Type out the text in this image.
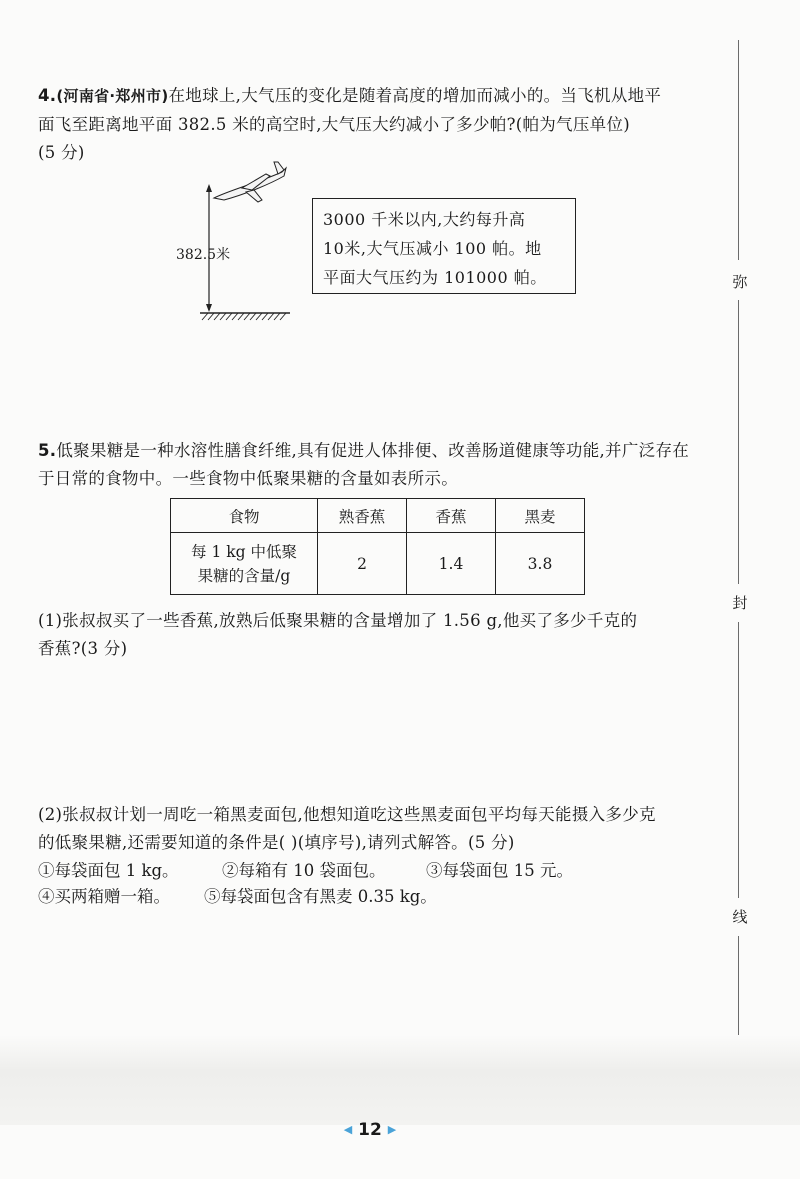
4.(河南省·郑州市)在地球上,大气压的变化是随着高度的增加而减小的。当飞机从地平
面飞至距离地平面 382.5 米的高空时,大气压大约减小了多少帕?(帕为气压单位)
(5 分)
382.5米
3000 千米以内,大约每升高
10米,大气压减小 100 帕。地
平面大气压约为 101000 帕。
5.低聚果糖是一种水溶性膳食纤维,具有促进人体排便、改善肠道健康等功能,并广泛存在
于日常的食物中。一些食物中低聚果糖的含量如表所示。
食物	熟香蕉	香蕉	黑麦

每 1 kg 中低聚
果糖的含量/g	2	1.4	3.8
(1)张叔叔买了一些香蕉,放熟后低聚果糖的含量增加了 1.56 g,他买了多少千克的
香蕉?(3 分)
(2)张叔叔计划一周吃一箱黑麦面包,他想知道吃这些黑麦面包平均每天能摄入多少克
的低聚果糖,还需要知道的条件是( )(填序号),请列式解答。(5 分)
①每袋面包 1 kg。	②每箱有 10 袋面包。 ③每袋面包 15 元。
④买两箱赠一箱。 ⑤每袋面包含有黑麦 0.35 kg。
弥
封
线
◀ 12 ▶
